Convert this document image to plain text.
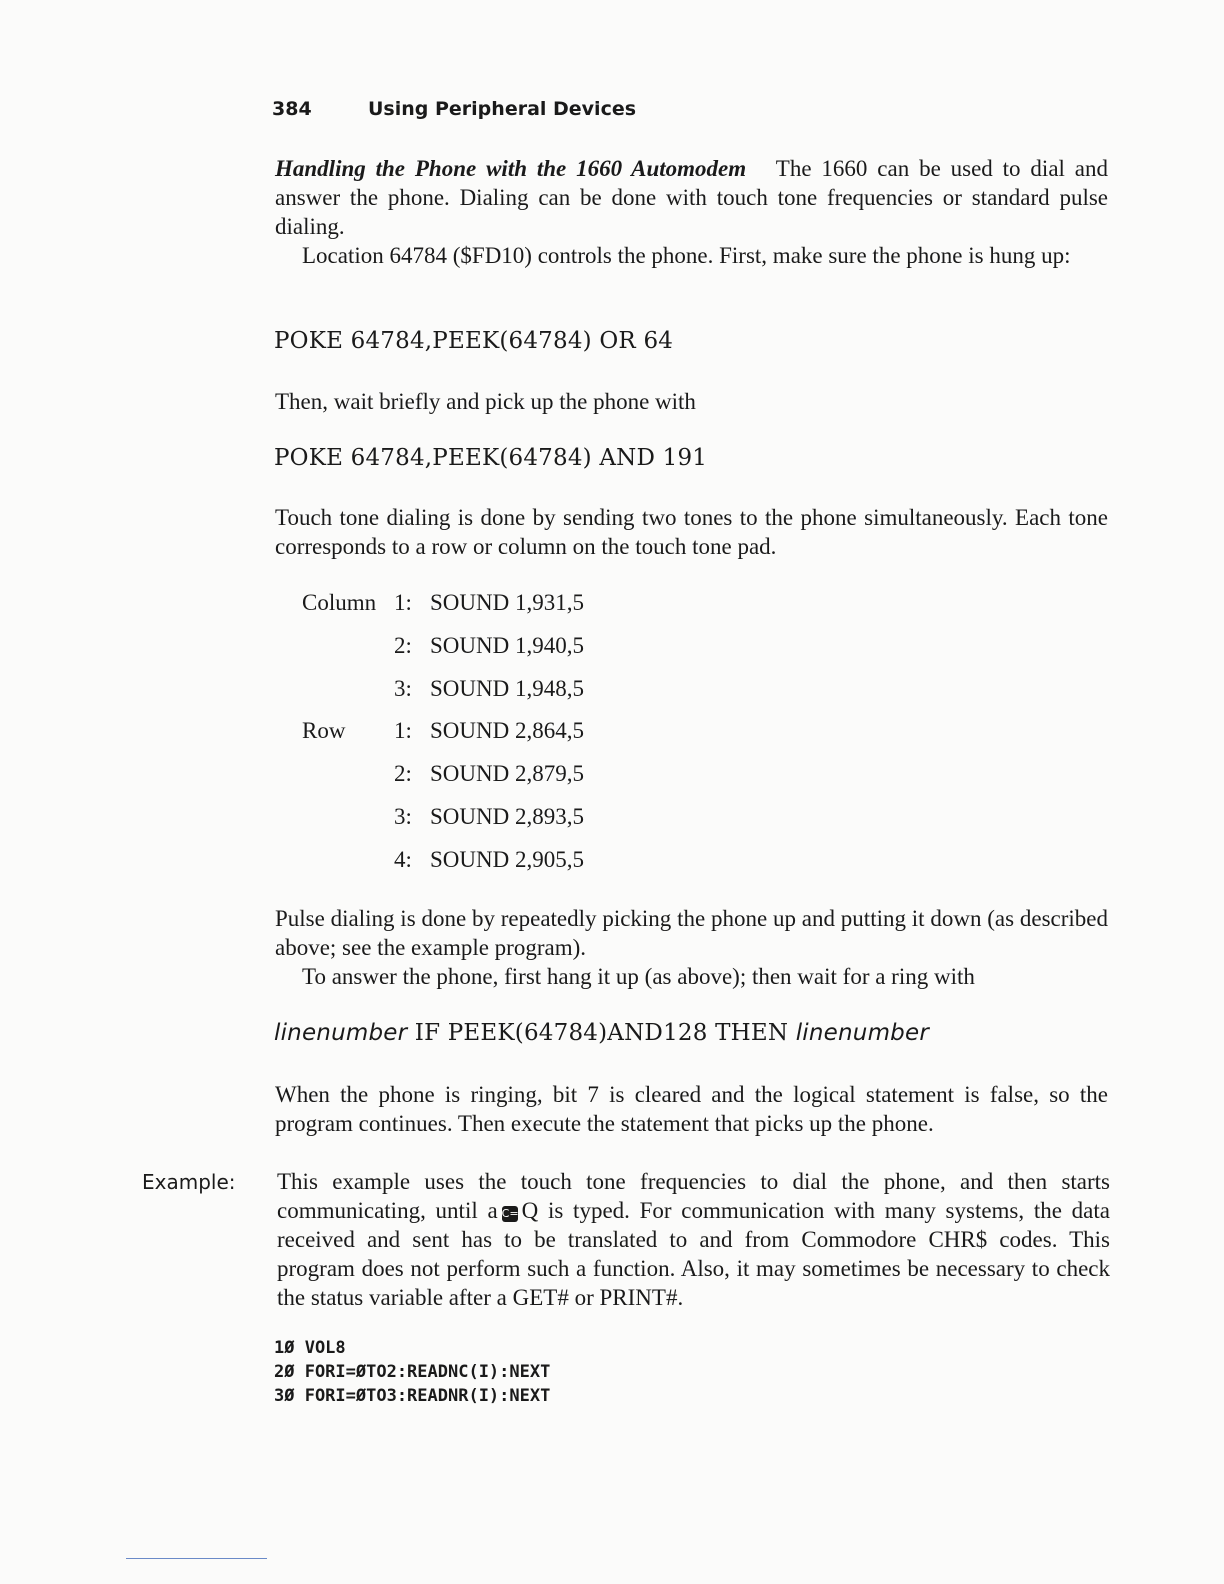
384	Using Peripheral Devices

Handling the Phone with the 1660 Automodem The 1660 can be used to dial and answer the phone. Dialing can be done with touch tone frequencies or standard pulse dialing.

Location 64784 ($FD10) controls the phone. First, make sure the phone is hung up:

POKE 64784,PEEK(64784) OR 64
Then, wait briefly and pick up the phone with
POKE 64784,PEEK(64784) AND 191
Touch tone dialing is done by sending two tones to the phone simultaneously. Each tone corresponds to a row or column on the touch tone pad.
Column 1: SOUND 1,931,5
2: SOUND 1,940,5
3: SOUND 1,948,5
Row 1: SOUND 2,864,5
2: SOUND 2,879,5
3: SOUND 2,893,5
4: SOUND 2,905,5

Pulse dialing is done by repeatedly picking the phone up and putting it down (as described above; see the example program).

To answer the phone, first hang it up (as above); then wait for a ring with

linenumber IF PEEK(64784)AND128 THEN linenumber
When the phone is ringing, bit 7 is cleared and the logical statement is false, so the program continues. Then execute the statement that picks up the phone.
Example: This example uses the touch tone frequencies to dial the phone, and then starts communicating, until a C= Q is typed. For communication with many systems, the data received and sent has to be translated to and from Commodore CHR$ codes. This program does not perform such a function. Also, it may sometimes be necessary to check the status variable after a GET# or PRINT#.

1Ø VOL8
2Ø FORI=ØTO2:READNC(I):NEXT
3Ø FORI=ØTO3:READNR(I):NEXT
